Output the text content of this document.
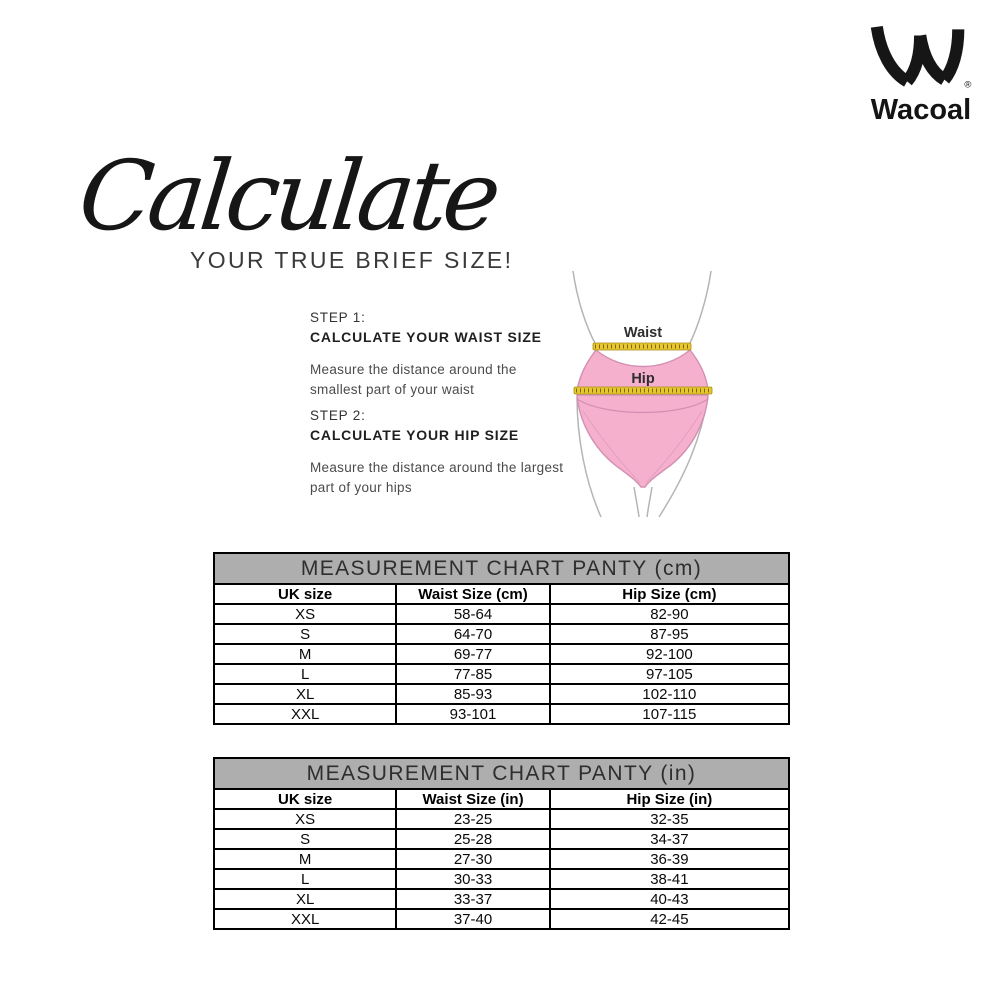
®
Wacoal
Calculate
YOUR TRUE BRIEF SIZE!
STEP 1:
CALCULATE YOUR WAIST SIZE

Measure the distance around the smallest part of your waist

STEP 2:
CALCULATE YOUR HIP SIZE

Measure the distance around the largest part of your hips

Waist
Hip
MEASUREMENT CHART PANTY (cm)		
UK size	Waist Size (cm)	Hip Size (cm)
XS	58-64	82-90
S	64-70	87-95
M	69-77	92-100
L	77-85	97-105
XL	85-93	102-110
XXL	93-101	107-115
MEASUREMENT CHART PANTY (in)		
UK size	Waist Size (in)	Hip Size (in)
XS	23-25	32-35
S	25-28	34-37
M	27-30	36-39
L	30-33	38-41
XL	33-37	40-43
XXL	37-40	42-45
